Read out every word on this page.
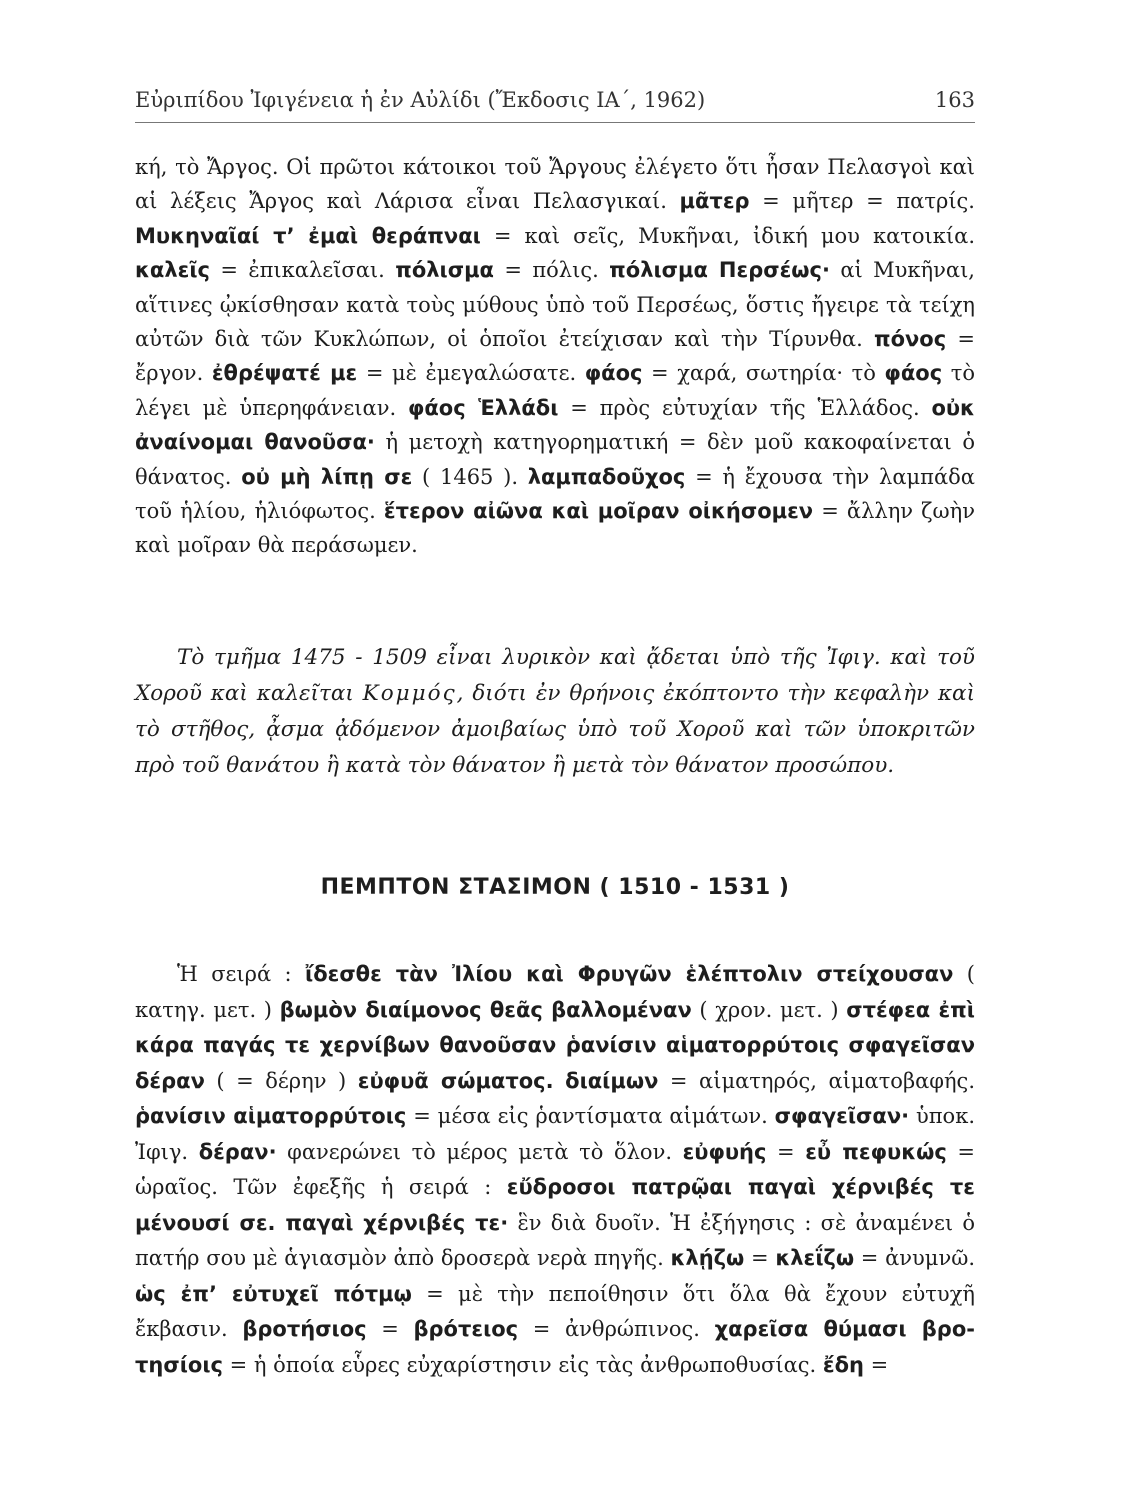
Εὐριπίδου Ἰφιγένεια ἡ ἐν Αὐλίδι (Ἔκδοσις ΙΑ΄, 1962)	163

κή, τὸ Ἄργος. Οἱ πρῶτοι κάτοικοι τοῦ Ἄργους ἐλέγετο ὅτι ἦσαν Πελασγοὶ καὶ αἱ λέξεις Ἄργος καὶ Λάρισα εἶναι Πελασγικαί. μᾶτερ = μῆτερ = πατρίς. Μυκηναῖαί τ’ ἐμαὶ θεράπναι = καὶ σεῖς, Μυκῆναι, ἰδική μου κατοικία. καλεῖς = ἐπικαλεῖσαι. πόλισμα = πόλις. πόλισμα Περσέως· αἱ Μυκῆναι, αἵτινες ᾠκίσθησαν κατὰ τοὺς μύθους ὑπὸ τοῦ Περσέως, ὅστις ἤγειρε τὰ τείχη αὐτῶν διὰ τῶν Κυκλώπων, οἱ ὁποῖοι ἐτείχισαν καὶ τὴν Τίρυνθα. πόνος = ἔργον. ἐθρέψατέ με = μὲ ἐμεγαλώσατε. φάος = χαρά, σωτηρία· τὸ φάος τὸ λέγει μὲ ὑπερηφάνειαν. φάος Ἑλλάδι = πρὸς εὐτυχίαν τῆς Ἑλλάδος. οὐκ ἀναίνομαι θανοῦσα· ἡ μετοχὴ κατηγορηματική = δὲν μοῦ κακοφαίνεται ὁ θάνατος. οὐ μὴ λίπῃ σε ( 1465 ). λαμπαδοῦχος = ἡ ἔχουσα τὴν λαμπάδα τοῦ ἡλίου, ἡλιόφωτος. ἕτερον αἰῶνα καὶ μοῖραν οἰκήσομεν = ἄλλην ζωὴν καὶ μοῖραν θὰ περάσωμεν.

Τὸ τμῆμα 1475 - 1509 εἶναι λυρικὸν καὶ ᾄδεται ὑπὸ τῆς Ἰφιγ. καὶ τοῦ Χοροῦ καὶ καλεῖται Κομμός, διότι ἐν θρήνοις ἐκόπτοντο τὴν κεφαλὴν καὶ τὸ στῆθος, ᾆσμα ᾀδόμενον ἀμοιβαίως ὑπὸ τοῦ Χοροῦ καὶ τῶν ὑποκριτῶν πρὸ τοῦ θανάτου ἢ κατὰ τὸν θάνατον ἢ μετὰ τὸν θάνατον προσώπου.

ΠΕΜΠΤΟΝ ΣΤΑΣΙΜΟΝ ( 1510 - 1531 )

Ἡ σειρά : ἴδεσθε τὰν Ἰλίου καὶ Φρυγῶν ἑλέπτολιν στείχουσαν ( κατηγ. μετ. ) βωμὸν διαίμονος θεᾶς βαλλομέναν ( χρον. μετ. ) στέφεα ἐπὶ κάρα παγάς τε χερνίβων θανοῦσαν ῥανίσιν αἱματορρύτοις σφαγεῖσαν δέραν ( = δέρην ) εὐφυᾶ σώματος. διαίμων = αἱματηρός, αἱματοβαφής. ῥανίσιν αἱματορρύτοις = μέσα εἰς ῥαντίσματα αἱμάτων. σφαγεῖσαν· ὑποκ. Ἰφιγ. δέραν· φανερώνει τὸ μέρος μετὰ τὸ ὅλον. εὐφυής = εὖ πεφυκώς = ὡραῖος. Τῶν ἐφεξῆς ἡ σειρά : εὔδροσοι πατρῷαι παγαὶ χέρνιβές τε μένουσί σε. παγαὶ χέρνιβές τε· ἓν διὰ δυοῖν. Ἡ ἐξήγησις : σὲ ἀναμένει ὁ πατήρ σου μὲ ἁγιασμὸν ἀπὸ δροσερὰ νερὰ πηγῆς. κλῄζω = κλεΐζω = ἀνυμνῶ. ὡς ἐπ’ εὐτυχεῖ πότμῳ = μὲ τὴν πεποίθησιν ὅτι ὅλα θὰ ἔχουν εὐτυχῆ ἔκβασιν. βροτήσιος = βρότειος = ἀνθρώπινος. χαρεῖσα θύμασι βροτησίοις = ἡ ὁποία εὗρες εὐχαρίστησιν εἰς τὰς ἀνθρωποθυσίας. ἔδη =
